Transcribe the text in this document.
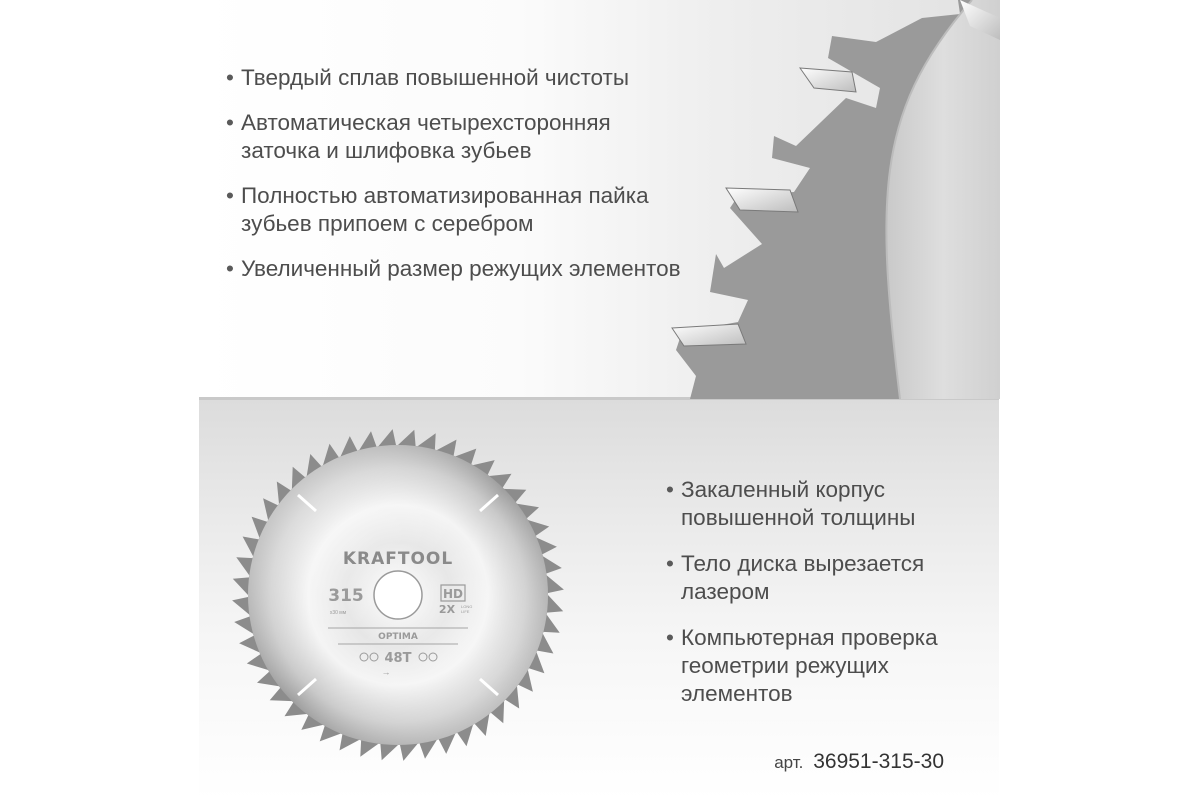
• Твердый сплав повышенной чистоты
• Автоматическая четырехсторонняя заточка и шлифовка зубьев
• Полностью автоматизированная пайка зубьев припоем с серебром
• Увеличенный размер режущих элементов
KRAFTOOL
315
x30 мм
HD
2X LONG
LIFE
OPTIMA
48T
→
• Закаленный корпус повышенной толщины
• Тело диска вырезается лазером
• Компьютерная проверка геометрии режущих элементов
арт. 36951-315-30
